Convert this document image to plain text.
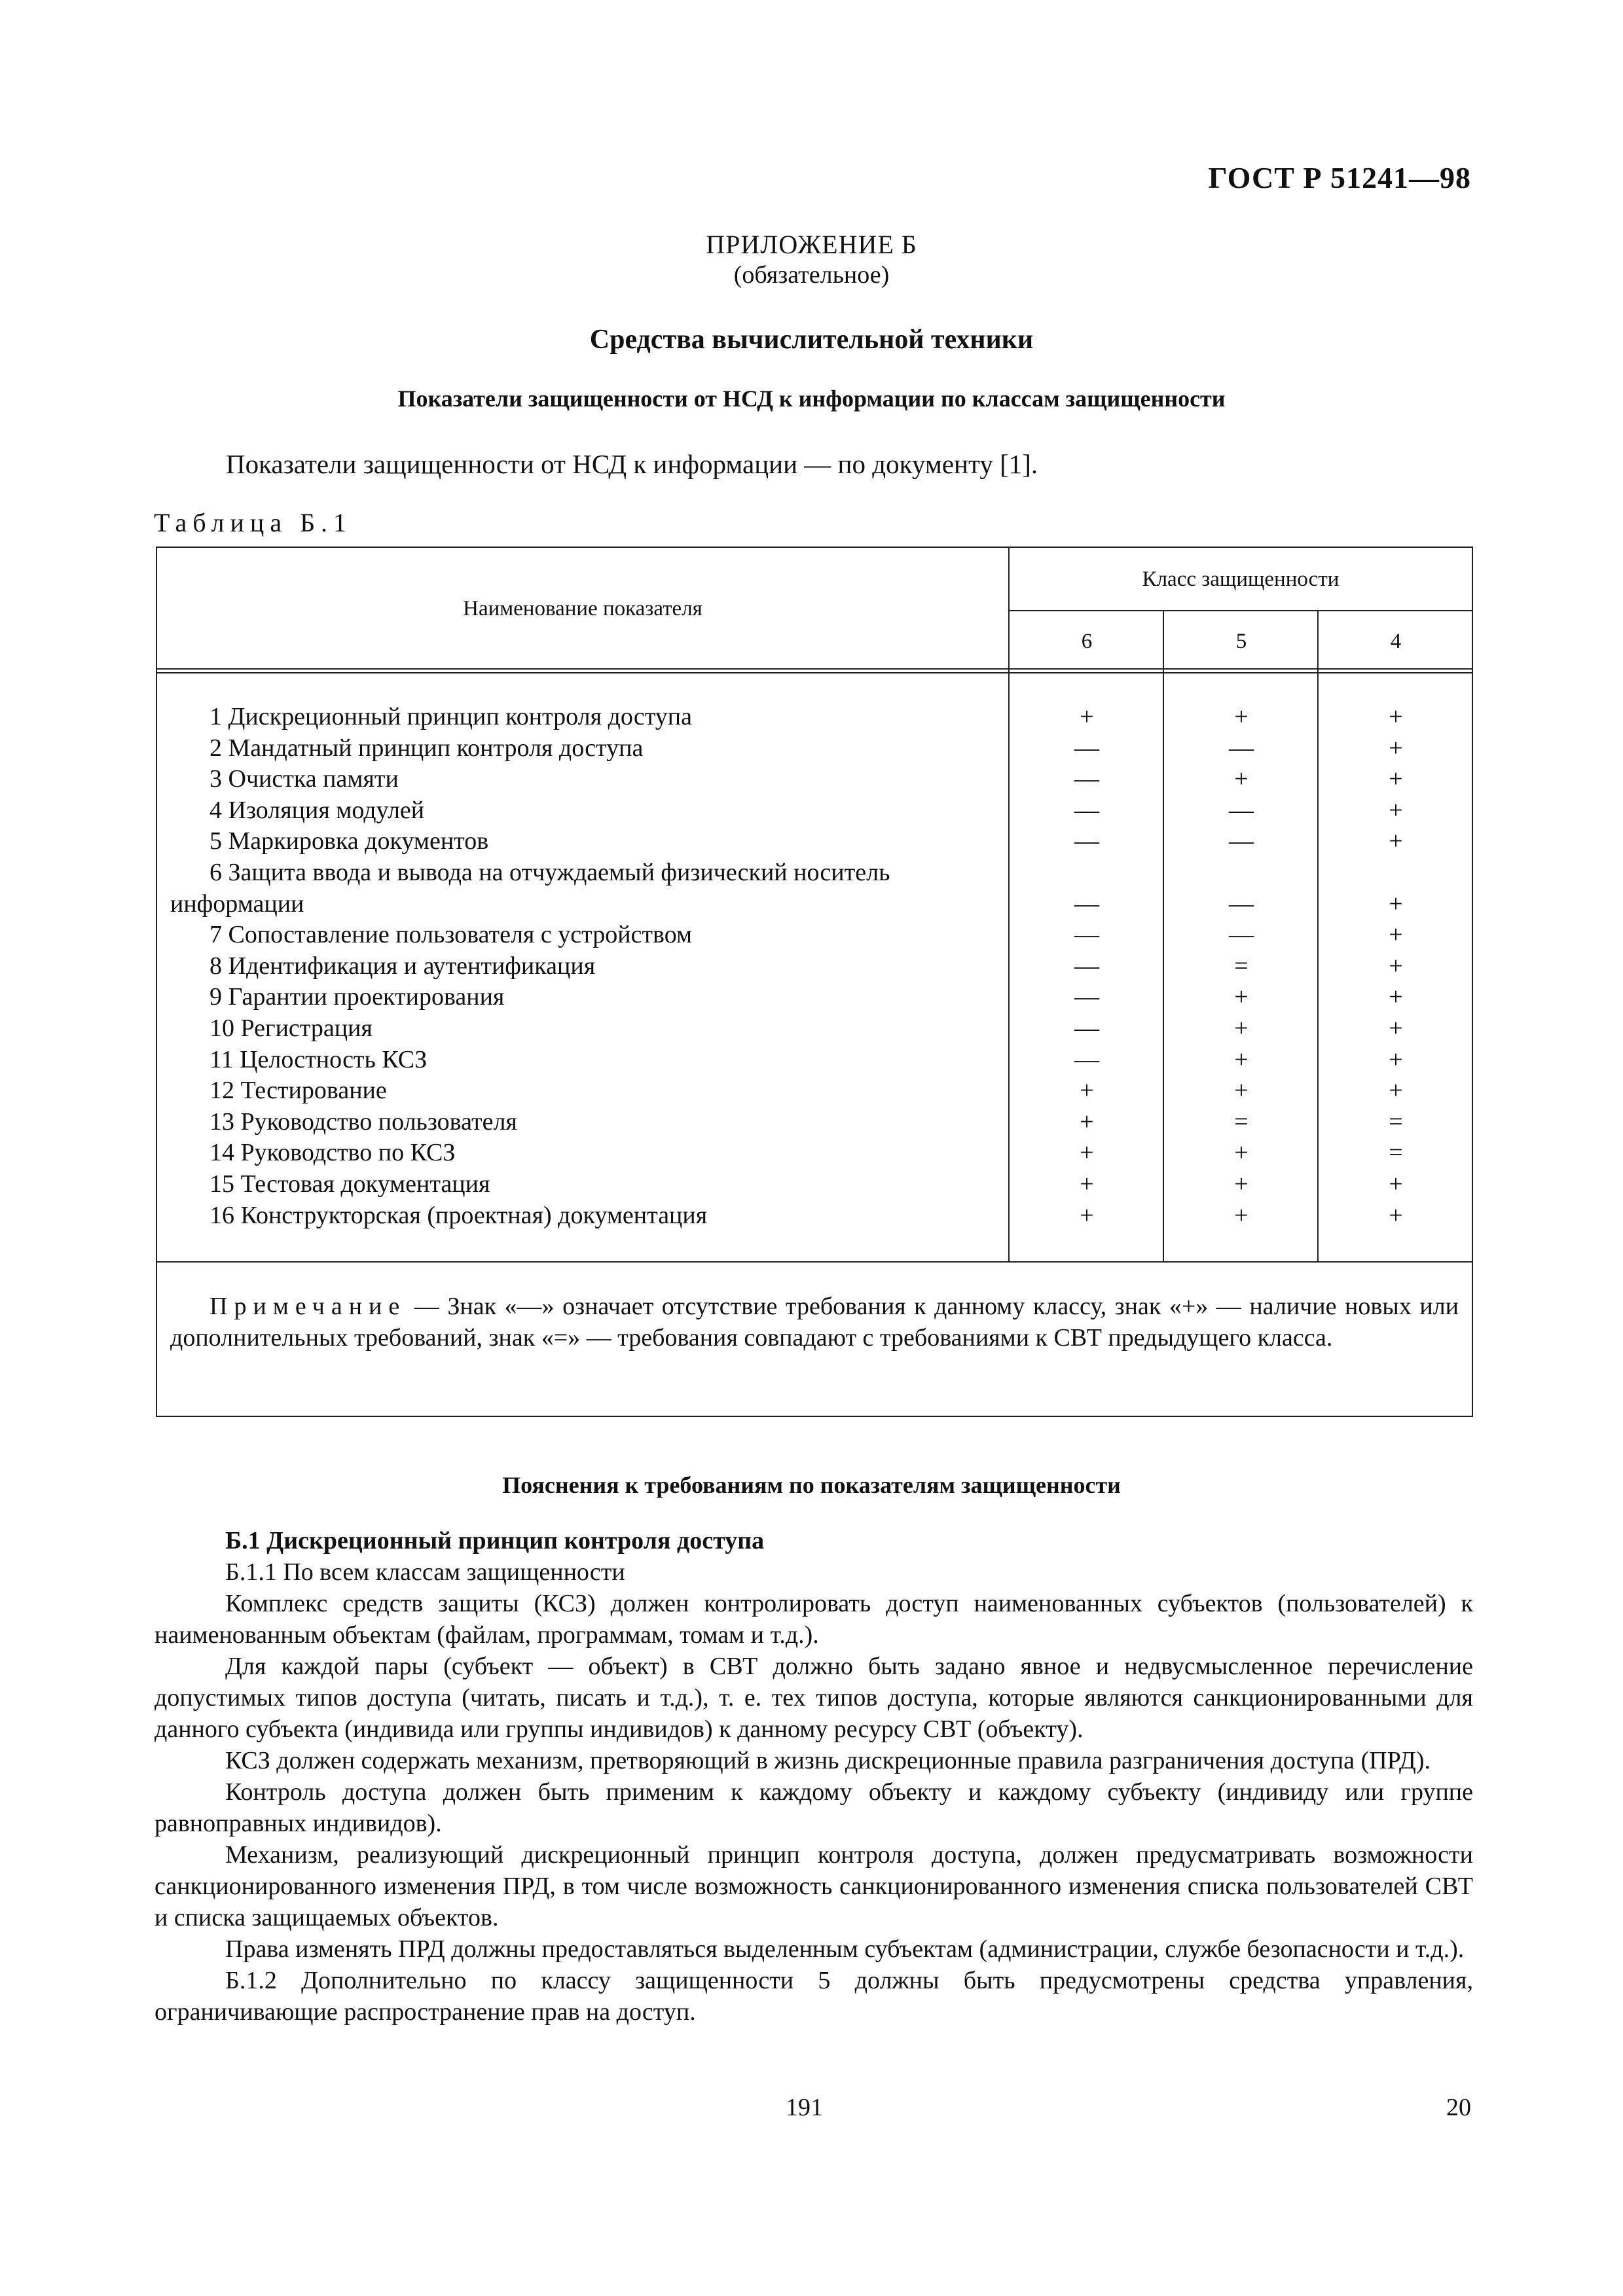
ГОСТ Р 51241—98
ПРИЛОЖЕНИЕ Б
(обязательное)
Средства вычислительной техники
Показатели защищенности от НСД к информации по классам защищенности
Показатели защищенности от НСД к информации — по документу [1].
Таблица Б.1
Наименование показателя
Класс защищенности
6	5	4
1 Дискреционный принцип контроля доступа	+	+	+
2 Мандатный принцип контроля доступа	—	—	+
3 Очистка памяти	—	+	+
4 Изоляция модулей	—	—	+
5 Маркировка документов	—	—	+
6 Защита ввода и вывода на отчуждаемый физический носитель
информации	—	—	+
7 Сопоставление пользователя с устройством	—	—	+
8 Идентификация и аутентификация	—	=	+
9 Гарантии проектирования	—	+	+
10 Регистрация	—	+	+
11 Целостность КСЗ	—	+	+
12 Тестирование	+	+	+
13 Руководство пользователя	+	=	=
14 Руководство по КСЗ	+	+	=
15 Тестовая документация	+	+	+
16 Конструкторская (проектная) документация	+	+	+
Примечание — Знак «—» означает отсутствие требования к данному классу, знак «+» — наличие новых или дополнительных требований, знак «=» — требования совпадают с требованиями к СВТ предыдущего класса.
Пояснения к требованиям по показателям защищенности

Б.1 Дискреционный принцип контроля доступа

Б.1.1 По всем классам защищенности

Комплекс средств защиты (КСЗ) должен контролировать доступ наименованных субъектов (пользователей) к наименованным объектам (файлам, программам, томам и т.д.).

Для каждой пары (субъект — объект) в СВТ должно быть задано явное и недвусмысленное перечисление допустимых типов доступа (читать, писать и т.д.), т. е. тех типов доступа, которые являются санкционированными для данного субъекта (индивида или группы индивидов) к данному ресурсу СВТ (объекту).

КСЗ должен содержать механизм, претворяющий в жизнь дискреционные правила разграничения доступа (ПРД).

Контроль доступа должен быть применим к каждому объекту и каждому субъекту (индивиду или группе равноправных индивидов).

Механизм, реализующий дискреционный принцип контроля доступа, должен предусматривать возможности санкционированного изменения ПРД, в том числе возможность санкционированного изменения списка пользователей СВТ и списка защищаемых объектов.

Права изменять ПРД должны предоставляться выделенным субъектам (администрации, службе безопасности и т.д.).

Б.1.2 Дополнительно по классу защищенности 5 должны быть предусмотрены средства управления, ограничивающие распространение прав на доступ.

191	20
